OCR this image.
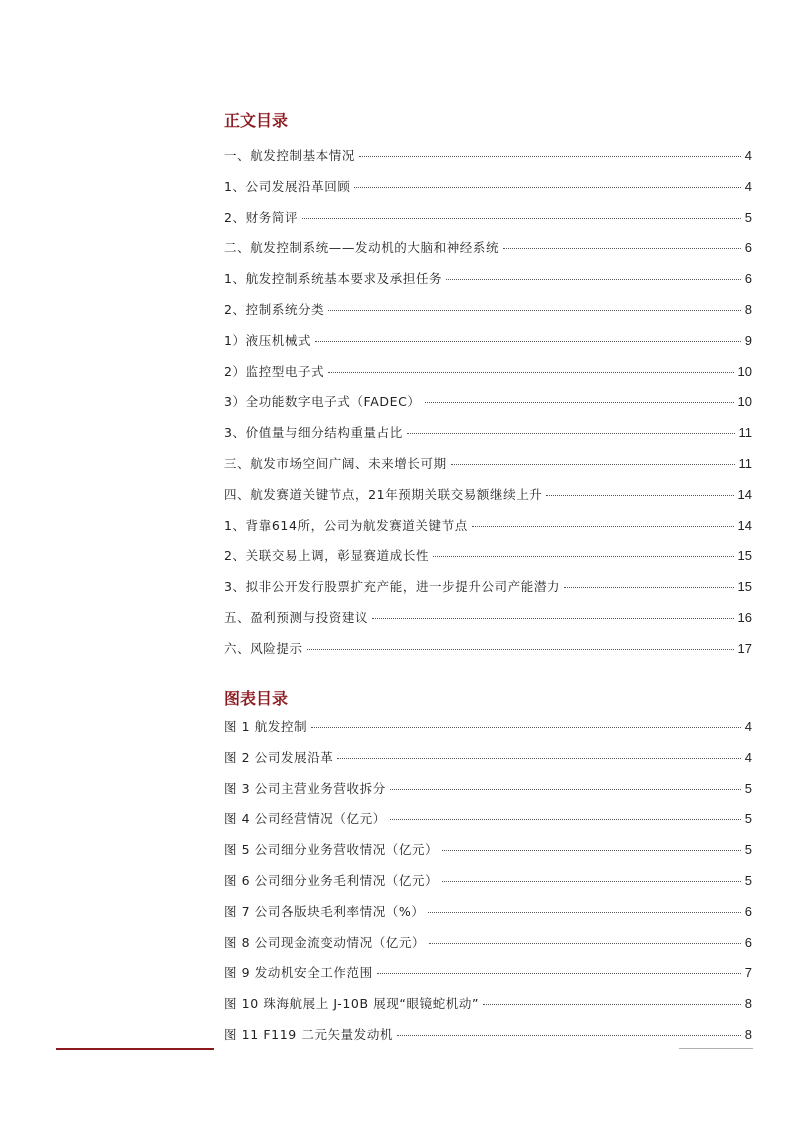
正文目录
一、航发控制基本情况	4
1、公司发展沿革回顾	4
2、财务简评	5
二、航发控制系统——发动机的大脑和神经系统	6
1、航发控制系统基本要求及承担任务	6
2、控制系统分类	8
1）液压机械式	9
2）监控型电子式	10
3）全功能数字电子式（FADEC）	10
3、价值量与细分结构重量占比	11
三、航发市场空间广阔、未来增长可期	11
四、航发赛道关键节点，21年预期关联交易额继续上升	14
1、背靠614所，公司为航发赛道关键节点	14
2、关联交易上调，彰显赛道成长性	15
3、拟非公开发行股票扩充产能，进一步提升公司产能潜力	15
五、盈利预测与投资建议	16
六、风险提示	17
图表目录
图 1 航发控制	4
图 2 公司发展沿革	4
图 3 公司主营业务营收拆分	5
图 4 公司经营情况（亿元）	5
图 5 公司细分业务营收情况（亿元）	5
图 6 公司细分业务毛利情况（亿元）	5
图 7 公司各版块毛利率情况（%）	6
图 8 公司现金流变动情况（亿元）	6
图 9 发动机安全工作范围	7
图 10 珠海航展上 J-10B 展现“眼镜蛇机动”	8
图 11 F119 二元矢量发动机	8
